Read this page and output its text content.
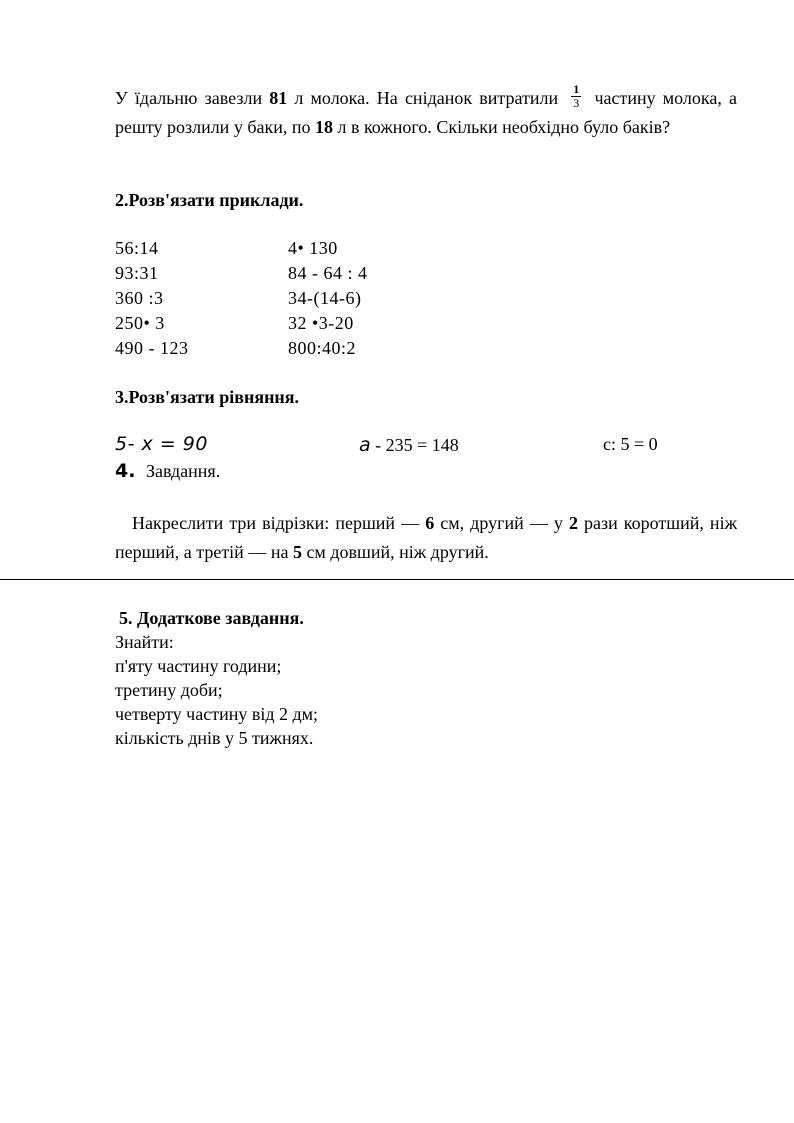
У їдальню завезли 81 л молока. На сніданок витратили $\frac{1}{3}$ частину молока, а решту розлили у баки, по 18 л в кожного. Скільки необхідно було баків?
2.Розв'язати приклади.
56:14
93:31
360 :3
250• 3
490 - 123
4• 130
84 - 64 : 4
34-(14-6)
32 •3-20
800:40:2
3.Розв'язати рівняння.
5- x = 90	а - 235 = 148	с: 5 = 0
4. Завдання.
Накреслити три відрізки: перший — 6 см, другий — у 2 рази коротший, ніж перший, а третій — на 5 см довший, ніж другий.
5. Додаткове завдання.
Знайти:
п'яту частину години;
третину доби;
четверту частину від 2 дм;
кількість днів у 5 тижнях.
